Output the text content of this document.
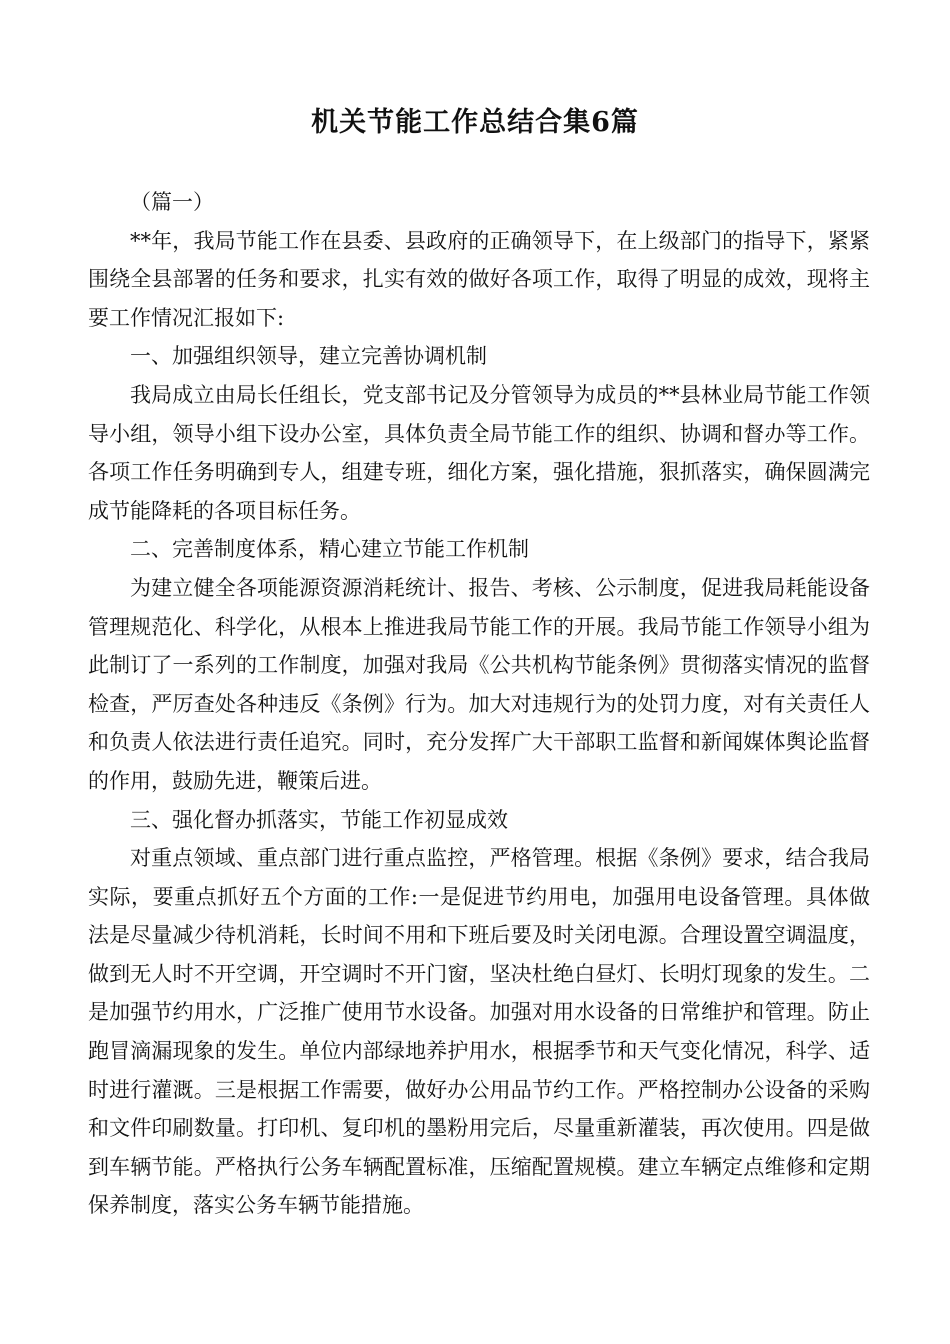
机关节能工作总结合集6篇

（篇一）

**年，我局节能工作在县委、县政府的正确领导下，在上级部门的指导下，紧紧围绕全县部署的任务和要求，扎实有效的做好各项工作，取得了明显的成效，现将主要工作情况汇报如下:

一、加强组织领导，建立完善协调机制

我局成立由局长任组长，党支部书记及分管领导为成员的**县林业局节能工作领导小组，领导小组下设办公室，具体负责全局节能工作的组织、协调和督办等工作。各项工作任务明确到专人，组建专班，细化方案，强化措施，狠抓落实，确保圆满完成节能降耗的各项目标任务。

二、完善制度体系，精心建立节能工作机制

为建立健全各项能源资源消耗统计、报告、考核、公示制度，促进我局耗能设备管理规范化、科学化，从根本上推进我局节能工作的开展。我局节能工作领导小组为此制订了一系列的工作制度，加强对我局《公共机构节能条例》贯彻落实情况的监督检查，严厉查处各种违反《条例》行为。加大对违规行为的处罚力度，对有关责任人和负责人依法进行责任追究。同时，充分发挥广大干部职工监督和新闻媒体舆论监督的作用，鼓励先进，鞭策后进。

三、强化督办抓落实，节能工作初显成效

对重点领域、重点部门进行重点监控，严格管理。根据《条例》要求，结合我局实际，要重点抓好五个方面的工作:一是促进节约用电，加强用电设备管理。具体做法是尽量减少待机消耗，长时间不用和下班后要及时关闭电源。合理设置空调温度，做到无人时不开空调，开空调时不开门窗，坚决杜绝白昼灯、长明灯现象的发生。二是加强节约用水，广泛推广使用节水设备。加强对用水设备的日常维护和管理。防止跑冒滴漏现象的发生。单位内部绿地养护用水，根据季节和天气变化情况，科学、适时进行灌溉。三是根据工作需要，做好办公用品节约工作。严格控制办公设备的采购和文件印刷数量。打印机、复印机的墨粉用完后，尽量重新灌装，再次使用。四是做到车辆节能。严格执行公务车辆配置标准，压缩配置规模。建立车辆定点维修和定期保养制度，落实公务车辆节能措施。
